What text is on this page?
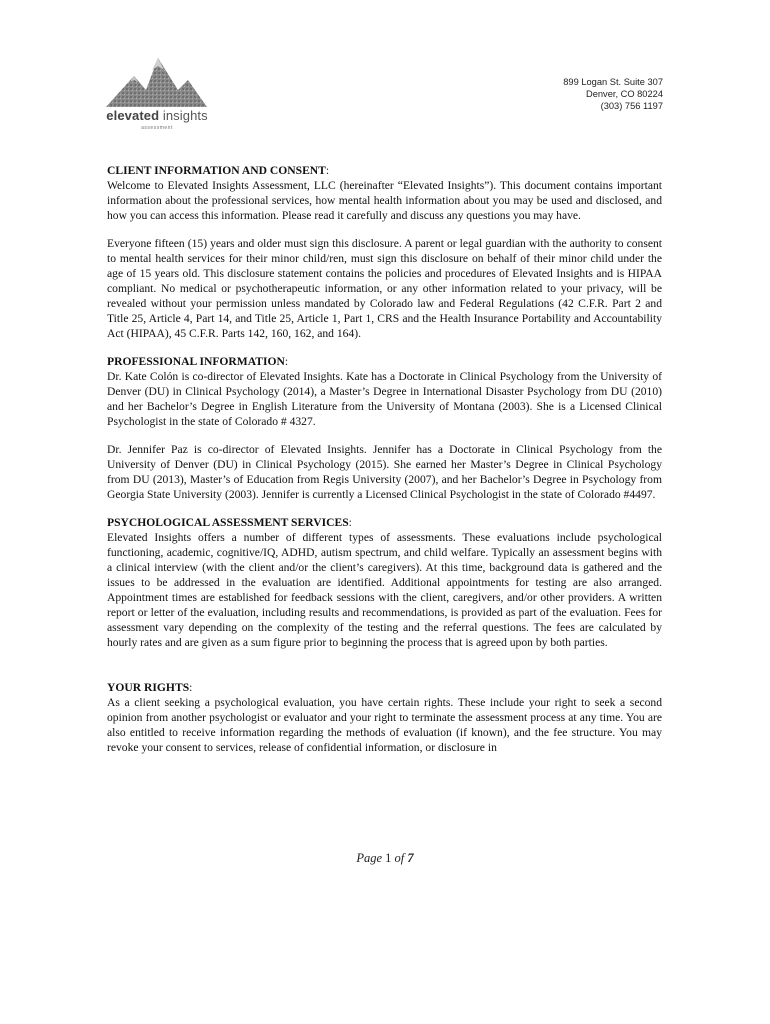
elevated insights
assessment
899 Logan St. Suite 307
Denver, CO 80224
(303) 756 1197
CLIENT INFORMATION AND CONSENT:

Welcome to Elevated Insights Assessment, LLC (hereinafter “Elevated Insights”). This document contains important information about the professional services, how mental health information about you may be used and disclosed, and how you can access this information. Please read it carefully and discuss any questions you may have.

Everyone fifteen (15) years and older must sign this disclosure. A parent or legal guardian with the authority to consent to mental health services for their minor child/ren, must sign this disclosure on behalf of their minor child under the age of 15 years old. This disclosure statement contains the policies and procedures of Elevated Insights and is HIPAA compliant. No medical or psychotherapeutic information, or any other information related to your privacy, will be revealed without your permission unless mandated by Colorado law and Federal Regulations (42 C.F.R. Part 2 and Title 25, Article 4, Part 14, and Title 25, Article 1, Part 1, CRS and the Health Insurance Portability and Accountability Act (HIPAA), 45 C.F.R. Parts 142, 160, 162, and 164).

PROFESSIONAL INFORMATION:

Dr. Kate Colón is co-director of Elevated Insights. Kate has a Doctorate in Clinical Psychology from the University of Denver (DU) in Clinical Psychology (2014), a Master’s Degree in International Disaster Psychology from DU (2010) and her Bachelor’s Degree in English Literature from the University of Montana (2003). She is a Licensed Clinical Psychologist in the state of Colorado # 4327.

Dr. Jennifer Paz is co-director of Elevated Insights. Jennifer has a Doctorate in Clinical Psychology from the University of Denver (DU) in Clinical Psychology (2015). She earned her Master’s Degree in Clinical Psychology from DU (2013), Master’s of Education from Regis University (2007), and her Bachelor’s Degree in Psychology from Georgia State University (2003). Jennifer is currently a Licensed Clinical Psychologist in the state of Colorado #4497.

PSYCHOLOGICAL ASSESSMENT SERVICES:

Elevated Insights offers a number of different types of assessments. These evaluations include psychological functioning, academic, cognitive/IQ, ADHD, autism spectrum, and child welfare. Typically an assessment begins with a clinical interview (with the client and/or the client’s caregivers). At this time, background data is gathered and the issues to be addressed in the evaluation are identified. Additional appointments for testing are also arranged. Appointment times are established for feedback sessions with the client, caregivers, and/or other providers. A written report or letter of the evaluation, including results and recommendations, is provided as part of the evaluation. Fees for assessment vary depending on the complexity of the testing and the referral questions. The fees are calculated by hourly rates and are given as a sum figure prior to beginning the process that is agreed upon by both parties.

YOUR RIGHTS:

As a client seeking a psychological evaluation, you have certain rights. These include your right to seek a second opinion from another psychologist or evaluator and your right to terminate the assessment process at any time. You are also entitled to receive information regarding the methods of evaluation (if known), and the fee structure. You may revoke your consent to services, release of confidential information, or disclosure in

Page 1 of 7
